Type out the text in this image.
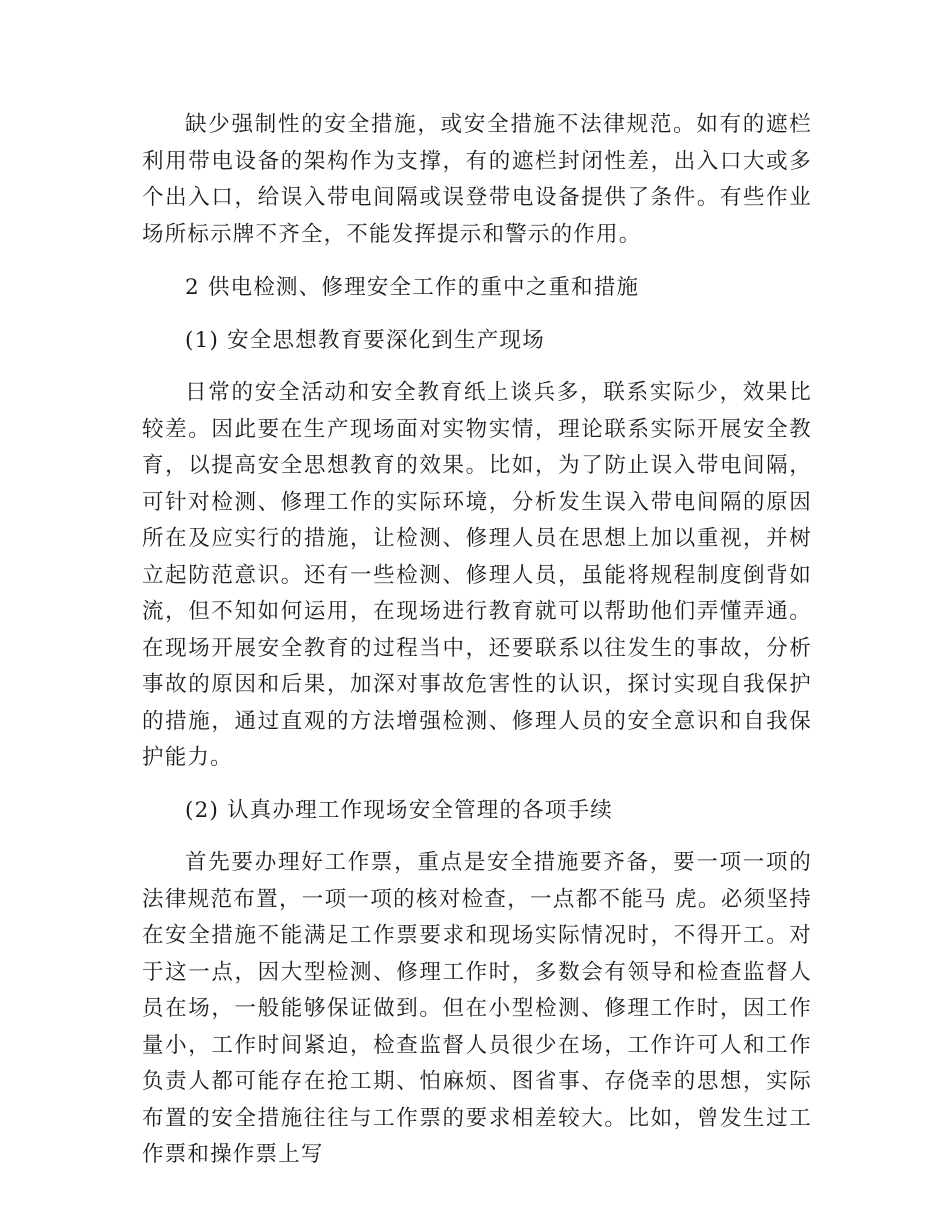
缺少强制性的安全措施，或安全措施不法律规范。如有的遮栏利用带电设备的架构作为支撑，有的遮栏封闭性差，出入口大或多个出入口，给误入带电间隔或误登带电设备提供了条件。有些作业场所标示牌不齐全，不能发挥提示和警示的作用。

2 供电检测、修理安全工作的重中之重和措施

(1) 安全思想教育要深化到生产现场

日常的安全活动和安全教育纸上谈兵多，联系实际少，效果比较差。因此要在生产现场面对实物实情，理论联系实际开展安全教育，以提高安全思想教育的效果。比如，为了防止误入带电间隔，可针对检测、修理工作的实际环境，分析发生误入带电间隔的原因所在及应实行的措施，让检测、修理人员在思想上加以重视，并树立起防范意识。还有一些检测、修理人员，虽能将规程制度倒背如流，但不知如何运用，在现场进行教育就可以帮助他们弄懂弄通。在现场开展安全教育的过程当中，还要联系以往发生的事故，分析事故的原因和后果，加深对事故危害性的认识，探讨实现自我保护的措施，通过直观的方法增强检测、修理人员的安全意识和自我保护能力。

(2) 认真办理工作现场安全管理的各项手续

首先要办理好工作票，重点是安全措施要齐备，要一项一项的法律规范布置，一项一项的核对检查，一点都不能马 虎。必须坚持在安全措施不能满足工作票要求和现场实际情况时，不得开工。对于这一点，因大型检测、修理工作时，多数会有领导和检查监督人员在场，一般能够保证做到。但在小型检测、修理工作时，因工作量小，工作时间紧迫，检查监督人员很少在场，工作许可人和工作负责人都可能存在抢工期、怕麻烦、图省事、存侥幸的思想，实际布置的安全措施往往与工作票的要求相差较大。比如，曾发生过工作票和操作票上写
